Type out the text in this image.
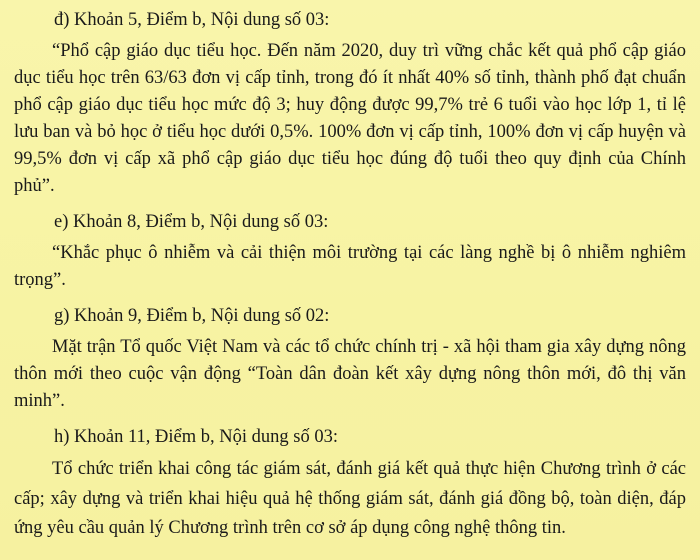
đ) Khoản 5, Điểm b, Nội dung số 03:

“Phổ cập giáo dục tiểu học. Đến năm 2020, duy trì vững chắc kết quả phổ cập giáo dục tiểu học trên 63/63 đơn vị cấp tỉnh, trong đó ít nhất 40% số tỉnh, thành phố đạt chuẩn phổ cập giáo dục tiểu học mức độ 3; huy động được 99,7% trẻ 6 tuổi vào học lớp 1, tỉ lệ lưu ban và bỏ học ở tiểu học dưới 0,5%. 100% đơn vị cấp tỉnh, 100% đơn vị cấp huyện và 99,5% đơn vị cấp xã phổ cập giáo dục tiểu học đúng độ tuổi theo quy định của Chính phủ”.

e) Khoản 8, Điểm b, Nội dung số 03:

“Khắc phục ô nhiễm và cải thiện môi trường tại các làng nghề bị ô nhiễm nghiêm trọng”.

g) Khoản 9, Điểm b, Nội dung số 02:

Mặt trận Tổ quốc Việt Nam và các tổ chức chính trị - xã hội tham gia xây dựng nông thôn mới theo cuộc vận động “Toàn dân đoàn kết xây dựng nông thôn mới, đô thị văn minh”.

h) Khoản 11, Điểm b, Nội dung số 03:

Tổ chức triển khai công tác giám sát, đánh giá kết quả thực hiện Chương trình ở các cấp; xây dựng và triển khai hiệu quả hệ thống giám sát, đánh giá đồng bộ, toàn diện, đáp ứng yêu cầu quản lý Chương trình trên cơ sở áp dụng công nghệ thông tin.
